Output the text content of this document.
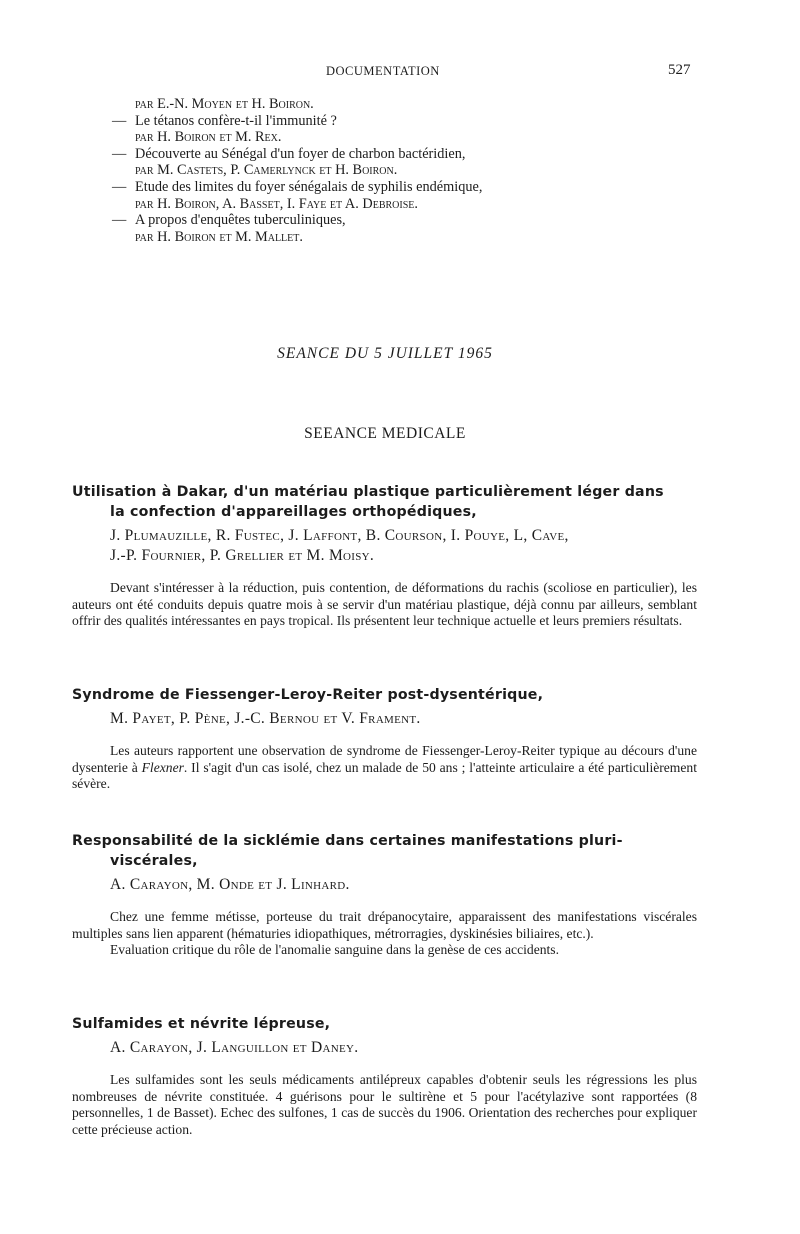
DOCUMENTATION	527
par E.-N. Moyen et H. Boiron.
— Le tétanos confère-t-il l'immunité ?
par H. Boiron et M. Rex.
— Découverte au Sénégal d'un foyer de charbon bactéridien,
par M. Castets, P. Camerlynck et H. Boiron.
— Etude des limites du foyer sénégalais de syphilis endémique,
par H. Boiron, A. Basset, I. Faye et A. Debroise.
— A propos d'enquêtes tuberculiniques,
par H. Boiron et M. Mallet.
SEANCE DU 5 JUILLET 1965
SEEANCE MEDICALE
Utilisation à Dakar, d'un matériau plastique particulièrement léger dans
la confection d'appareillages orthopédiques,
J. Plumauzille, R. Fustec, J. Laffont, B. Courson, I. Pouye, L, Cave,
J.-P. Fournier, P. Grellier et M. Moisy.
Devant s'intéresser à la réduction, puis contention, de déformations du rachis (scoliose en particulier), les auteurs ont été conduits depuis quatre mois à se servir d'un matériau plastique, déjà connu par ailleurs, semblant offrir des qualités intéressantes en pays tropical. Ils présentent leur technique actuelle et leurs premiers résultats.
Syndrome de Fiessenger-Leroy-Reiter post-dysentérique,
M. Payet, P. Pène, J.-C. Bernou et V. Frament.
Les auteurs rapportent une observation de syndrome de Fiessenger-Leroy-Reiter typique au décours d'une dysenterie à Flexner. Il s'agit d'un cas isolé, chez un malade de 50 ans ; l'atteinte articulaire a été particulièrement sévère.
Responsabilité de la sicklémie dans certaines manifestations pluri-
viscérales,
A. Carayon, M. Onde et J. Linhard.

Chez une femme métisse, porteuse du trait drépanocytaire, apparaissent des manifestations viscérales multiples sans lien apparent (hématuries idiopathiques, métrorragies, dyskinésies biliaires, etc.).

Evaluation critique du rôle de l'anomalie sanguine dans la genèse de ces accidents.

Sulfamides et névrite lépreuse,
A. Carayon, J. Languillon et Daney.
Les sulfamides sont les seuls médicaments antilépreux capables d'obtenir seuls les régressions les plus nombreuses de névrite constituée. 4 guérisons pour le sultirène et 5 pour l'acétylazive sont rapportées (8 personnelles, 1 de Basset). Echec des sulfones, 1 cas de succès du 1906. Orientation des recherches pour expliquer cette précieuse action.
